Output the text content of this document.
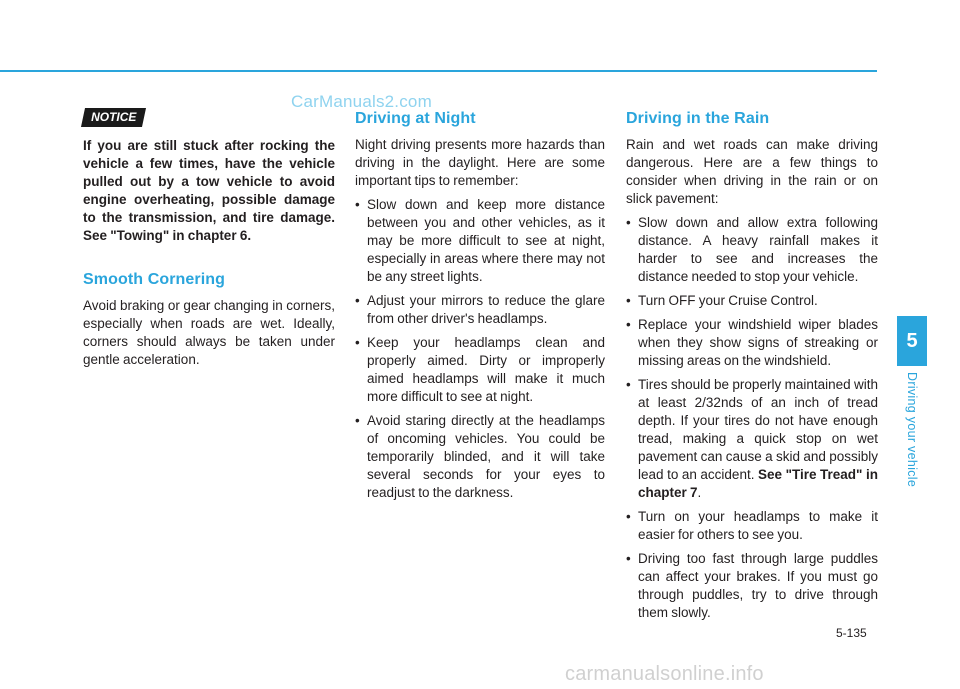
CarManuals2.com
NOTICE

If you are still stuck after rocking the vehicle a few times, have the vehicle pulled out by a tow vehicle to avoid engine overheating, possible damage to the transmission, and tire damage. See "Towing" in chapter 6.

Smooth Cornering

Avoid braking or gear changing in corners, especially when roads are wet. Ideally, corners should always be taken under gentle acceleration.

Driving at Night

Night driving presents more hazards than driving in the daylight. Here are some important tips to remember:

• Slow down and keep more distance between you and other vehicles, as it may be more difficult to see at night, especially in areas where there may not be any street lights.
• Adjust your mirrors to reduce the glare from other driver's headlamps.
• Keep your headlamps clean and properly aimed. Dirty or improperly aimed headlamps will make it much more difficult to see at night.
• Avoid staring directly at the headlamps of oncoming vehicles. You could be temporarily blinded, and it will take several seconds for your eyes to readjust to the darkness.
Driving in the Rain

Rain and wet roads can make driving dangerous. Here are a few things to consider when driving in the rain or on slick pavement:

• Slow down and allow extra following distance. A heavy rainfall makes it harder to see and increases the distance needed to stop your vehicle.
• Turn OFF your Cruise Control.
• Replace your windshield wiper blades when they show signs of streaking or missing areas on the windshield.
• Tires should be properly maintained with at least 2/32nds of an inch of tread depth. If your tires do not have enough tread, making a quick stop on wet pavement can cause a skid and possibly lead to an accident. See "Tire Tread" in chapter 7.
• Turn on your headlamps to make it easier for others to see you.
• Driving too fast through large puddles can affect your brakes. If you must go through puddles, try to drive through them slowly.
5
Driving your vehicle
5-135
carmanualsonline.info
